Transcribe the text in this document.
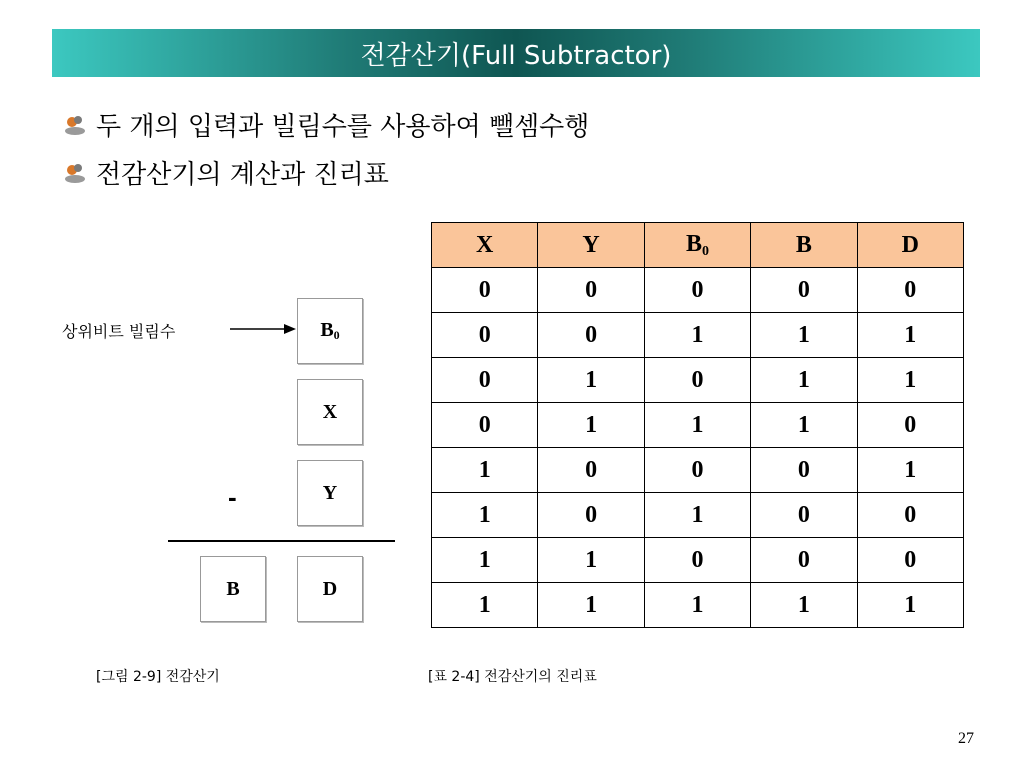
전감산기(Full Subtractor)
두 개의 입력과 빌림수를 사용하여 뺄셈수행
전감산기의 계산과 진리표
상위비트 빌림수	$B_0$
X
-	Y
B	D
[그림 2-9] 전감산기
X	Y	$B_0$	B	D
0	0	0	0	0
0	0	1	1	1
0	1	0	1	1
0	1	1	1	0
1	0	0	0	1
1	0	1	0	0
1	1	0	0	0
1	1	1	1	1
[표 2-4] 전감산기의 진리표
27
